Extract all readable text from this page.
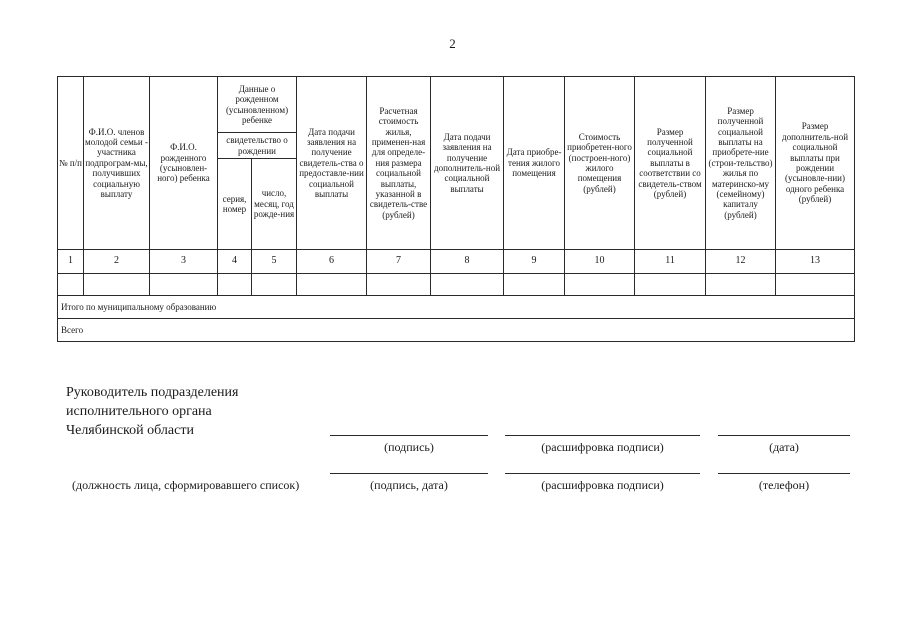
2
№ п/п	Ф.И.О. членов молодой семьи - участника подпрограм-мы, получивших социальную выплату	Ф.И.О. рожденного (усыновлен-ного) ребенка	Данные о рожденном (усыновленном) ребенке		Дата подачи заявления на получение свидетель-ства о предоставле-нии социальной выплаты	Расчетная стоимость жилья, применен-ная для определе-ния размера социальной выплаты, указанной в свидетель-стве (рублей)	Дата подачи заявления на получение дополнитель-ной социальной выплаты	Дата приобре-тения жилого помещения	Стоимость приобретен-ного (построен-ного) жилого помещения (рублей)	Размер полученной социальной выплаты в соответствии со свидетель-ством (рублей)	Размер полученной социальной выплаты на приобрете-ние (строи-тельство) жилья по материнско-му (семейному) капиталу (рублей)	Размер дополнитель-ной социальной выплаты при рождении (усыновле-нии) одного ребенка (рублей)
			свидетельство о рождении									
			серия, номер	число, месяц, год рожде-ния								
1	2	3	4	5	6	7	8	9	10	11	12	13

Итого по муниципальному образованию												
Всего												
Руководитель подразделения
исполнительного органа
Челябинской области
(подпись)	(расшифровка подписи)	(дата)
(должность лица, сформировавшего список)	(подпись, дата)	(расшифровка подписи)	(телефон)
